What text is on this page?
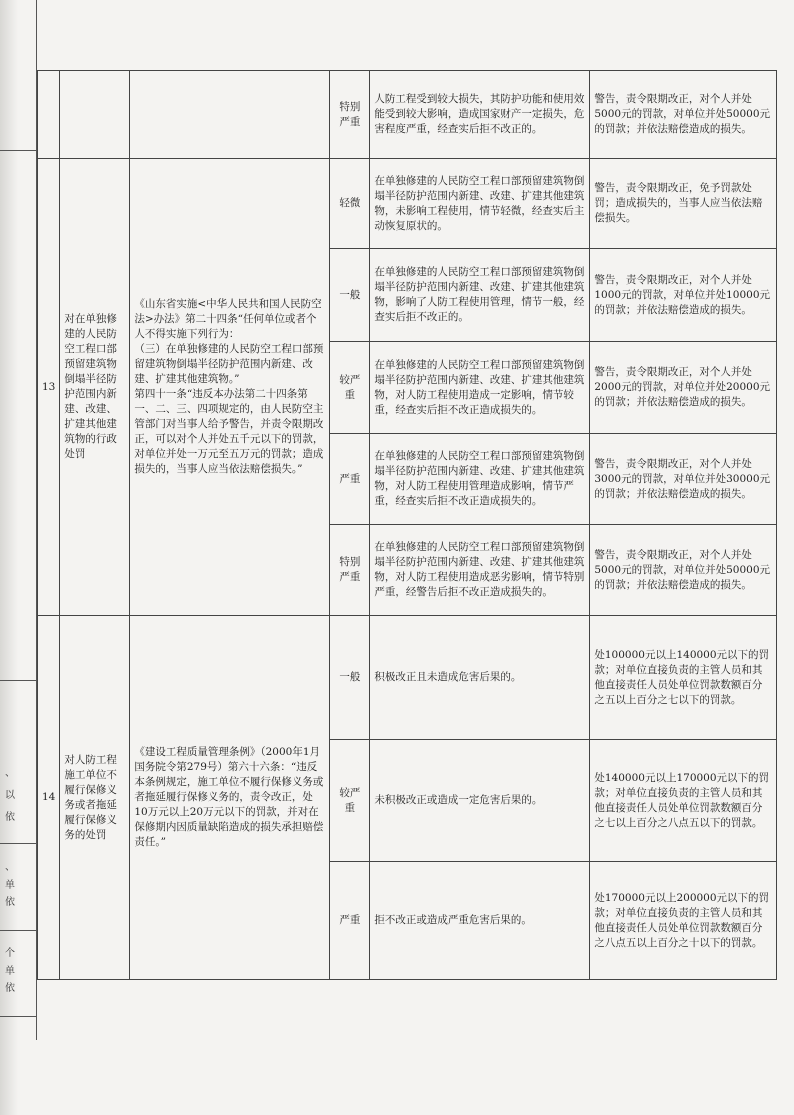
、
以
依
、
单
依
个
单
依
			特别
严重	人防工程受到较大损失，其防护功能和使用效能受到较大影响，造成国家财产一定损失，危害程度严重，经查实后拒不改正的。	警告，责令限期改正，对个人并处5000元的罚款，对单位并处50000元的罚款；并依法赔偿造成的损失。
13	对在单独修建的人民防空工程口部预留建筑物倒塌半径防护范围内新建、改建、扩建其他建筑物的行政处罚	《山东省实施<中华人民共和国人民防空法>办法》第二十四条“任何单位或者个人不得实施下列行为：
（三）在单独修建的人民防空工程口部预留建筑物倒塌半径防护范围内新建、改建、扩建其他建筑物。”
第四十一条“违反本办法第二十四条第一、二、三、四项规定的，由人民防空主管部门对当事人给予警告，并责令限期改正，可以对个人并处五千元以下的罚款，对单位并处一万元至五万元的罚款；造成损失的，当事人应当依法赔偿损失。”	轻微	在单独修建的人民防空工程口部预留建筑物倒塌半径防护范围内新建、改建、扩建其他建筑物，未影响工程使用，情节轻微，经查实后主动恢复原状的。	警告，责令限期改正，免予罚款处罚；造成损失的，当事人应当依法赔偿损失。
			一般	在单独修建的人民防空工程口部预留建筑物倒塌半径防护范围内新建、改建、扩建其他建筑物，影响了人防工程使用管理，情节一般，经查实后拒不改正的。	警告，责令限期改正，对个人并处1000元的罚款，对单位并处10000元的罚款；并依法赔偿造成的损失。
			较严重	在单独修建的人民防空工程口部预留建筑物倒塌半径防护范围内新建、改建、扩建其他建筑物，对人防工程使用造成一定影响，情节较重，经查实后拒不改正造成损失的。	警告，责令限期改正，对个人并处2000元的罚款，对单位并处20000元的罚款；并依法赔偿造成的损失。
			严重	在单独修建的人民防空工程口部预留建筑物倒塌半径防护范围内新建、改建、扩建其他建筑物，对人防工程使用管理造成影响，情节严重，经查实后拒不改正造成损失的。	警告，责令限期改正，对个人并处3000元的罚款，对单位并处30000元的罚款；并依法赔偿造成的损失。
			特别
严重	在单独修建的人民防空工程口部预留建筑物倒塌半径防护范围内新建、改建、扩建其他建筑物，对人防工程使用造成恶劣影响，情节特别严重，经警告后拒不改正造成损失的。	警告，责令限期改正，对个人并处5000元的罚款，对单位并处50000元的罚款；并依法赔偿造成的损失。
14	对人防工程施工单位不履行保修义务或者拖延履行保修义务的处罚	《建设工程质量管理条例》（2000年1月国务院令第279号）第六十六条：“违反本条例规定，施工单位不履行保修义务或者拖延履行保修义务的，责令改正，处10万元以上20万元以下的罚款，并对在保修期内因质量缺陷造成的损失承担赔偿责任。”	一般	积极改正且未造成危害后果的。	处100000元以上140000元以下的罚款；对单位直接负责的主管人员和其他直接责任人员处单位罚款数额百分之五以上百分之七以下的罚款。
			较严重	未积极改正或造成一定危害后果的。	处140000元以上170000元以下的罚款；对单位直接负责的主管人员和其他直接责任人员处单位罚款数额百分之七以上百分之八点五以下的罚款。
			严重	拒不改正或造成严重危害后果的。	处170000元以上200000元以下的罚款；对单位直接负责的主管人员和其他直接责任人员处单位罚款数额百分之八点五以上百分之十以下的罚款。
